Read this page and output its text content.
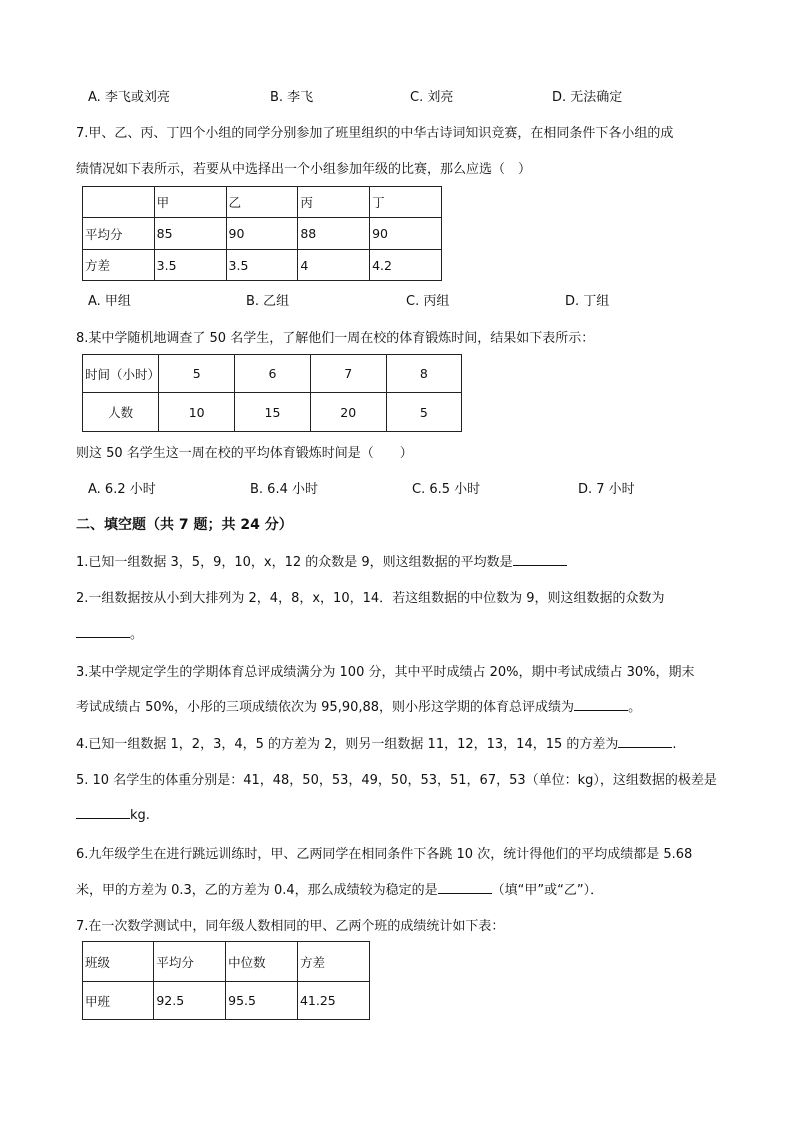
A. 李飞或刘亮	B. 李飞	C. 刘亮	D. 无法确定
7.甲、乙、丙、丁四个小组的同学分别参加了班里组织的中华古诗词知识竞赛，在相同条件下各小组的成
绩情况如下表所示，若要从中选择出一个小组参加年级的比赛，那么应选（　）
	甲	乙	丙	丁
平均分	85	90	88	90
方差	3.5	3.5	4	4.2
A. 甲组	B. 乙组	C. 丙组	D. 丁组
8.某中学随机地调查了 50 名学生，了解他们一周在校的体育锻炼时间，结果如下表所示：
时间（小时）	5	6	7	8
人数	10	15	20	5
则这 50 名学生这一周在校的平均体育锻炼时间是（　　）
A. 6.2 小时	B. 6.4 小时	C. 6.5 小时	D. 7 小时
二、填空题（共 7 题；共 24 分）
1.已知一组数据 3，5，9，10，x，12 的众数是 9，则这组数据的平均数是
2.一组数据按从小到大排列为 2，4，8，x，10，14．若这组数据的中位数为 9，则这组数据的众数为
。
3.某中学规定学生的学期体育总评成绩满分为 100 分，其中平时成绩占 20%，期中考试成绩占 30%，期末
考试成绩占 50%，小彤的三项成绩依次为 95,90,88，则小彤这学期的体育总评成绩为	。
4.已知一组数据 1，2，3，4，5 的方差为 2，则另一组数据 11，12，13，14，15 的方差为	.
5. 10 名学生的体重分别是：41，48，50，53，49，50，53，51，67，53（单位：kg），这组数据的极差是
kg.
6.九年级学生在进行跳远训练时，甲、乙两同学在相同条件下各跳 10 次，统计得他们的平均成绩都是 5.68
米，甲的方差为 0.3，乙的方差为 0.4，那么成绩较为稳定的是	（填“甲”或“乙”）．
7.在一次数学测试中，同年级人数相同的甲、乙两个班的成绩统计如下表：
班级	平均分	中位数	方差
甲班	92.5	95.5	41.25
